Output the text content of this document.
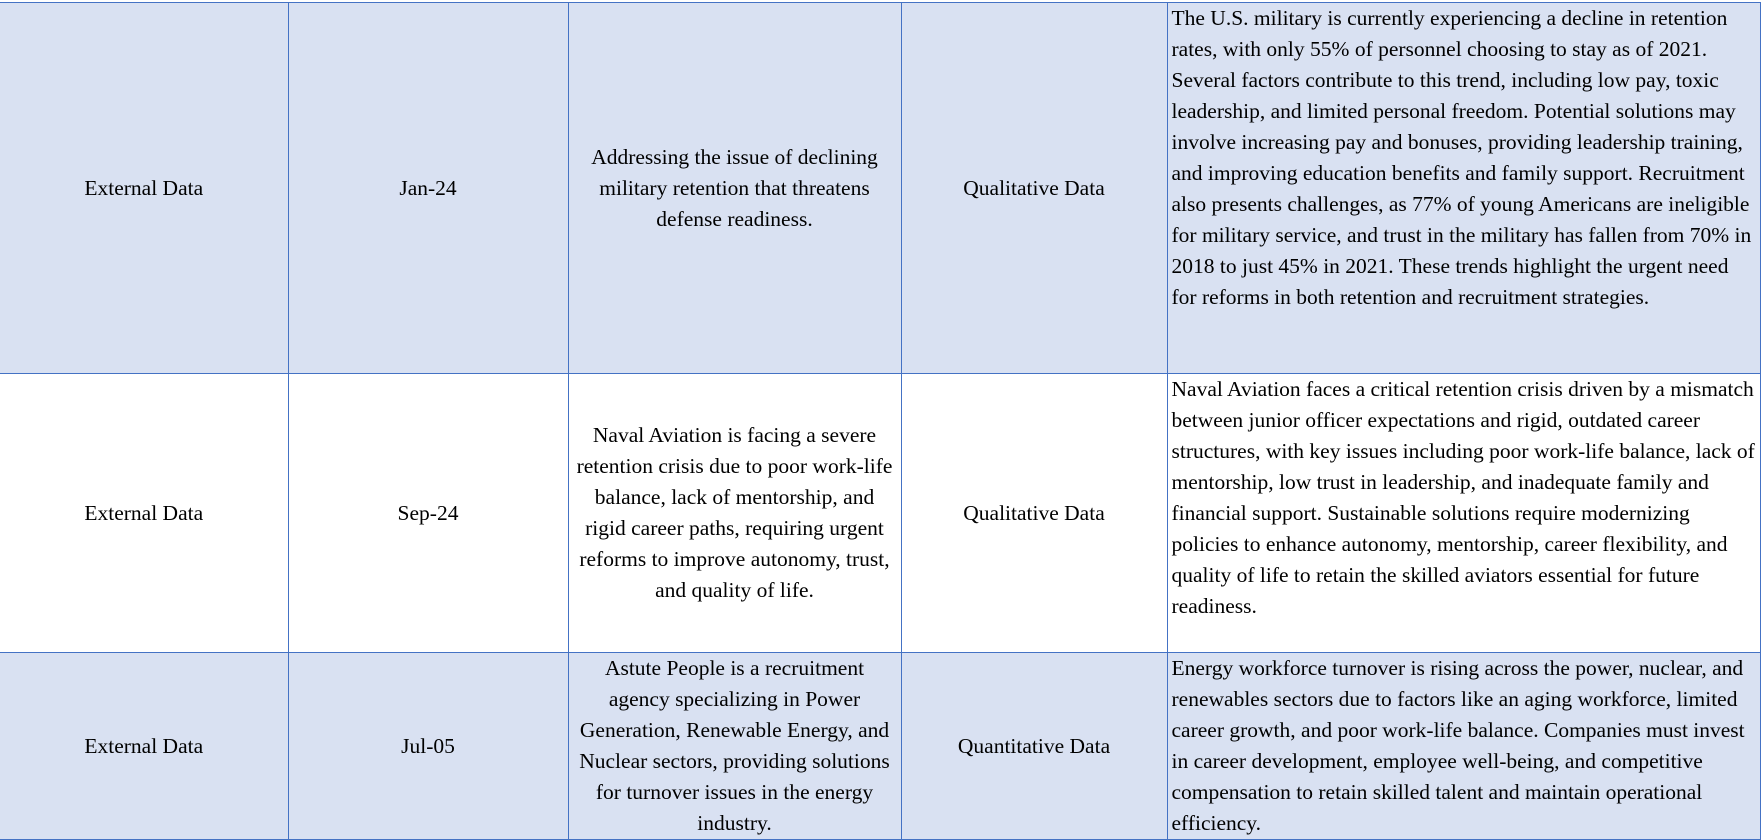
External Data	Jan-24	Addressing the issue of declining military retention that threatens defense readiness.	Qualitative Data	The U.S. military is currently experiencing a decline in retention rates, with only 55% of personnel choosing to stay as of 2021. Several factors contribute to this trend, including low pay, toxic leadership, and limited personal freedom. Potential solutions may involve increasing pay and bonuses, providing leadership training, and improving education benefits and family support. Recruitment also presents challenges, as 77% of young Americans are ineligible for military service, and trust in the military has fallen from 70% in 2018 to just 45% in 2021. These trends highlight the urgent need for reforms in both retention and recruitment strategies.
External Data	Sep-24	Naval Aviation is facing a severe retention crisis due to poor work-life balance, lack of mentorship, and rigid career paths, requiring urgent reforms to improve autonomy, trust, and quality of life.	Qualitative Data	Naval Aviation faces a critical retention crisis driven by a mismatch between junior officer expectations and rigid, outdated career structures, with key issues including poor work-life balance, lack of mentorship, low trust in leadership, and inadequate family and financial support. Sustainable solutions require modernizing policies to enhance autonomy, mentorship, career flexibility, and quality of life to retain the skilled aviators essential for future readiness.
External Data	Jul-05	Astute People is a recruitment agency specializing in Power Generation, Renewable Energy, and Nuclear sectors, providing solutions for turnover issues in the energy industry.	Quantitative Data	Energy workforce turnover is rising across the power, nuclear, and renewables sectors due to factors like an aging workforce, limited career growth, and poor work-life balance. Companies must invest in career development, employee well-being, and competitive compensation to retain skilled talent and maintain operational efficiency.
